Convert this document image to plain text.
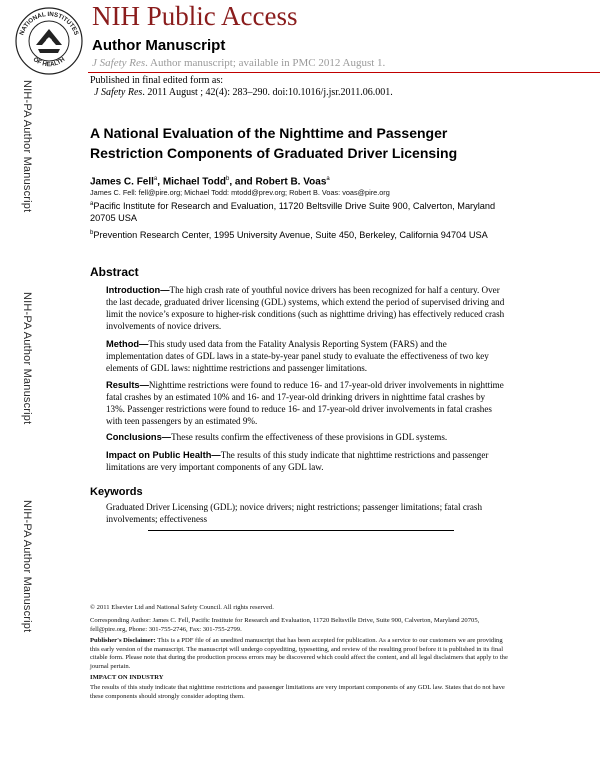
NATIONAL INSTITUTES
OF HEALTH
NIH Public Access
Author Manuscript
J Safety Res. Author manuscript; available in PMC 2012 August 1.
Published in final edited form as:
J Safety Res. 2011 August ; 42(4): 283–290. doi:10.1016/j.jsr.2011.06.001.
NIH-PA Author Manuscript
NIH-PA Author Manuscript
NIH-PA Author Manuscript
A National Evaluation of the Nighttime and Passenger Restriction Components of Graduated Driver Licensing
James C. Fell$^a$, Michael Todd$^b$, and Robert B. Voas$^a$
James C. Fell: fell@pire.org; Michael Todd: mtodd@prev.org; Robert B. Voas: voas@pire.org
$^a$Pacific Institute for Research and Evaluation, 11720 Beltsville Drive Suite 900, Calverton, Maryland 20705 USA
$^b$Prevention Research Center, 1995 University Avenue, Suite 450, Berkeley, California 94704 USA
Abstract
Introduction—The high crash rate of youthful novice drivers has been recognized for half a century. Over the last decade, graduated driver licensing (GDL) systems, which extend the period of supervised driving and limit the novice’s exposure to higher-risk conditions (such as nighttime driving) has effectively reduced crash involvements of novice drivers.
Method—This study used data from the Fatality Analysis Reporting System (FARS) and the implementation dates of GDL laws in a state-by-year panel study to evaluate the effectiveness of two key elements of GDL laws: nighttime restrictions and passenger limitations.
Results—Nighttime restrictions were found to reduce 16- and 17-year-old driver involvements in nighttime fatal crashes by an estimated 10% and 16- and 17-year-old drinking drivers in nighttime fatal crashes by 13%. Passenger restrictions were found to reduce 16- and 17-year-old driver involvements in fatal crashes with teen passengers by an estimated 9%.
Conclusions—These results confirm the effectiveness of these provisions in GDL systems.
Impact on Public Health—The results of this study indicate that nighttime restrictions and passenger limitations are very important components of any GDL law.
Keywords
Graduated Driver Licensing (GDL); novice drivers; night restrictions; passenger limitations; fatal crash involvements; effectiveness
© 2011 Elsevier Ltd and National Safety Council. All rights reserved.
Corresponding Author: James C. Fell, Pacific Institute for Research and Evaluation, 11720 Beltsville Drive, Suite 900, Calverton, Maryland 20705, fell@pire.org, Phone: 301-755-2746, Fax: 301-755-2799.
Publisher's Disclaimer: This is a PDF file of an unedited manuscript that has been accepted for publication. As a service to our customers we are providing this early version of the manuscript. The manuscript will undergo copyediting, typesetting, and review of the resulting proof before it is published in its final citable form. Please note that during the production process errors may be discovered which could affect the content, and all legal disclaimers that apply to the journal pertain.
IMPACT ON INDUSTRY
The results of this study indicate that nighttime restrictions and passenger limitations are very important components of any GDL law. States that do not have these components should strongly consider adopting them.
